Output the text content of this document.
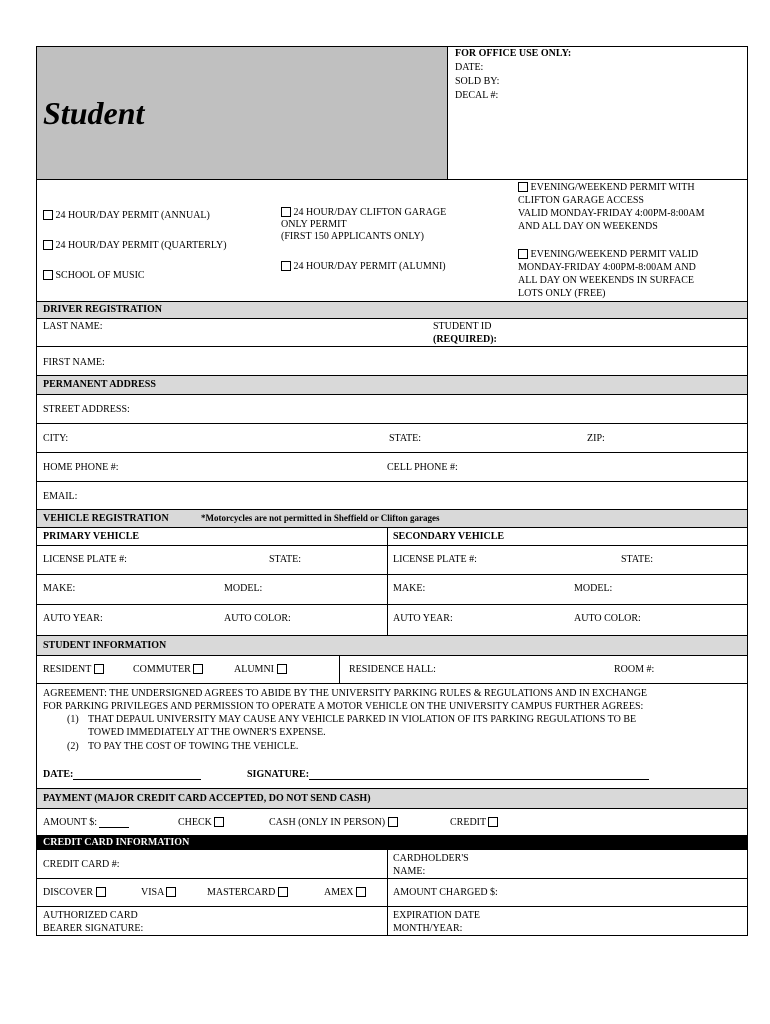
Student
FOR OFFICE USE ONLY:
DATE:
SOLD BY:
DECAL #:
24 HOUR/DAY PERMIT (ANNUAL)
24 HOUR/DAY PERMIT (QUARTERLY)
SCHOOL OF MUSIC
24 HOUR/DAY CLIFTON GARAGE
ONLY PERMIT
(FIRST 150 APPLICANTS ONLY)
24 HOUR/DAY PERMIT (ALUMNI)
EVENING/WEEKEND PERMIT WITH
CLIFTON GARAGE ACCESS
VALID MONDAY-FRIDAY 4:00PM-8:00AM
AND ALL DAY ON WEEKENDS
EVENING/WEEKEND PERMIT VALID
MONDAY-FRIDAY 4:00PM-8:00AM AND
ALL DAY ON WEEKENDS IN SURFACE
LOTS ONLY (FREE)
DRIVER REGISTRATION
LAST NAME:	STUDENT ID
(REQUIRED):
FIRST NAME:
PERMANENT ADDRESS
STREET ADDRESS:
CITY:	STATE:	ZIP:
HOME PHONE #:	CELL PHONE #:
EMAIL:
VEHICLE REGISTRATION	*Motorcycles are not permitted in Sheffield or Clifton garages
PRIMARY VEHICLE	SECONDARY VEHICLE
LICENSE PLATE #:	STATE:	LICENSE PLATE #:	STATE:
MAKE:	MODEL:	MAKE:	MODEL:
AUTO YEAR:	AUTO COLOR:	AUTO YEAR:	AUTO COLOR:
STUDENT INFORMATION
RESIDENT	COMMUTER	ALUMNI	RESIDENCE HALL:	ROOM #:
AGREEMENT: THE UNDERSIGNED AGREES TO ABIDE BY THE UNIVERSITY PARKING RULES & REGULATIONS AND IN EXCHANGE
FOR PARKING PRIVILEGES AND PERMISSION TO OPERATE A MOTOR VEHICLE ON THE UNIVERSITY CAMPUS FURTHER AGREES:
(1) THAT DEPAUL UNIVERSITY MAY CAUSE ANY VEHICLE PARKED IN VIOLATION OF ITS PARKING REGULATIONS TO BE
TOWED IMMEDIATELY AT THE OWNER'S EXPENSE.
(2) TO PAY THE COST OF TOWING THE VEHICLE.
DATE:	SIGNATURE:
PAYMENT (MAJOR CREDIT CARD ACCEPTED, DO NOT SEND CASH)
AMOUNT $:	CHECK	CASH (ONLY IN PERSON)	CREDIT
CREDIT CARD INFORMATION
CREDIT CARD #:
CARDHOLDER'S
NAME:
DISCOVER	VISA	MASTERCARD	AMEX	AMOUNT CHARGED $:
AUTHORIZED CARD
BEARER SIGNATURE:
EXPIRATION DATE
MONTH/YEAR:
